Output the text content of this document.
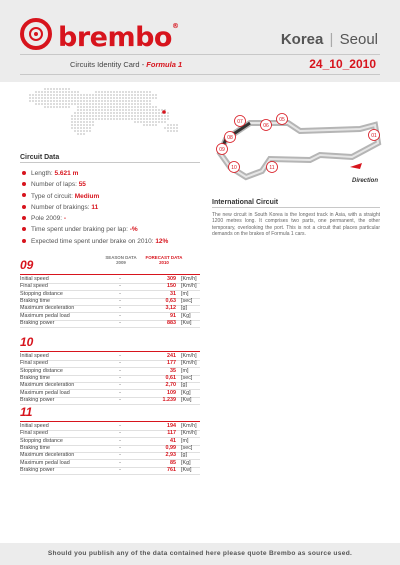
brembo®
Korea | Seoul
Circuits Identity Card - Formula 1	24_10_2010
Circuit Data
Length: 5.621 m
Number of laps: 55
Type of circuit: Medium
Number of brakings: 11
Pole 2009: -
Time spent under braking per lap: -%
Expected time spent under brake on 2010: 12%
01
05
06
07
08
09
10	11
Direction
International Circuit
The new circuit in South Korea is the longest track in Asia, with a straight 1200 metres long. It comprises two parts, one permanent, the other temporary, overlooking the port. This is not a circuit that places particular demands on the brakes of Formula 1 cars.
SEASON DATA 2009
FORECAST DATA 2010
09
Initial speed	-	309 [Km/h]
Final speed	-	150 [Km/h]
Stopping distance	-	31 [m]
Braking time	-	0,63 [sec]
Maximum deceleration	-	3,12 [g]
Maximum pedal load	-	91 [Kg]
Braking power	-	883 [Kw]
10
Initial speed	-	241 [Km/h]
Final speed	-	177 [Km/h]
Stopping distance	-	35 [m]
Braking time	-	0,61 [sec]
Maximum deceleration	-	2,70 [g]
Maximum pedal load	-	109 [Kg]
Braking power	-	1.239 [Kw]
11
Initial speed	-	194 [Km/h]
Final speed	-	117 [Km/h]
Stopping distance	-	41 [m]
Braking time	-	0,99 [sec]
Maximum deceleration	-	2,93 [g]
Maximum pedal load	-	85 [Kg]
Braking power	-	761 [Kw]
Should you publish any of the data contained here please quote Brembo as source used.
